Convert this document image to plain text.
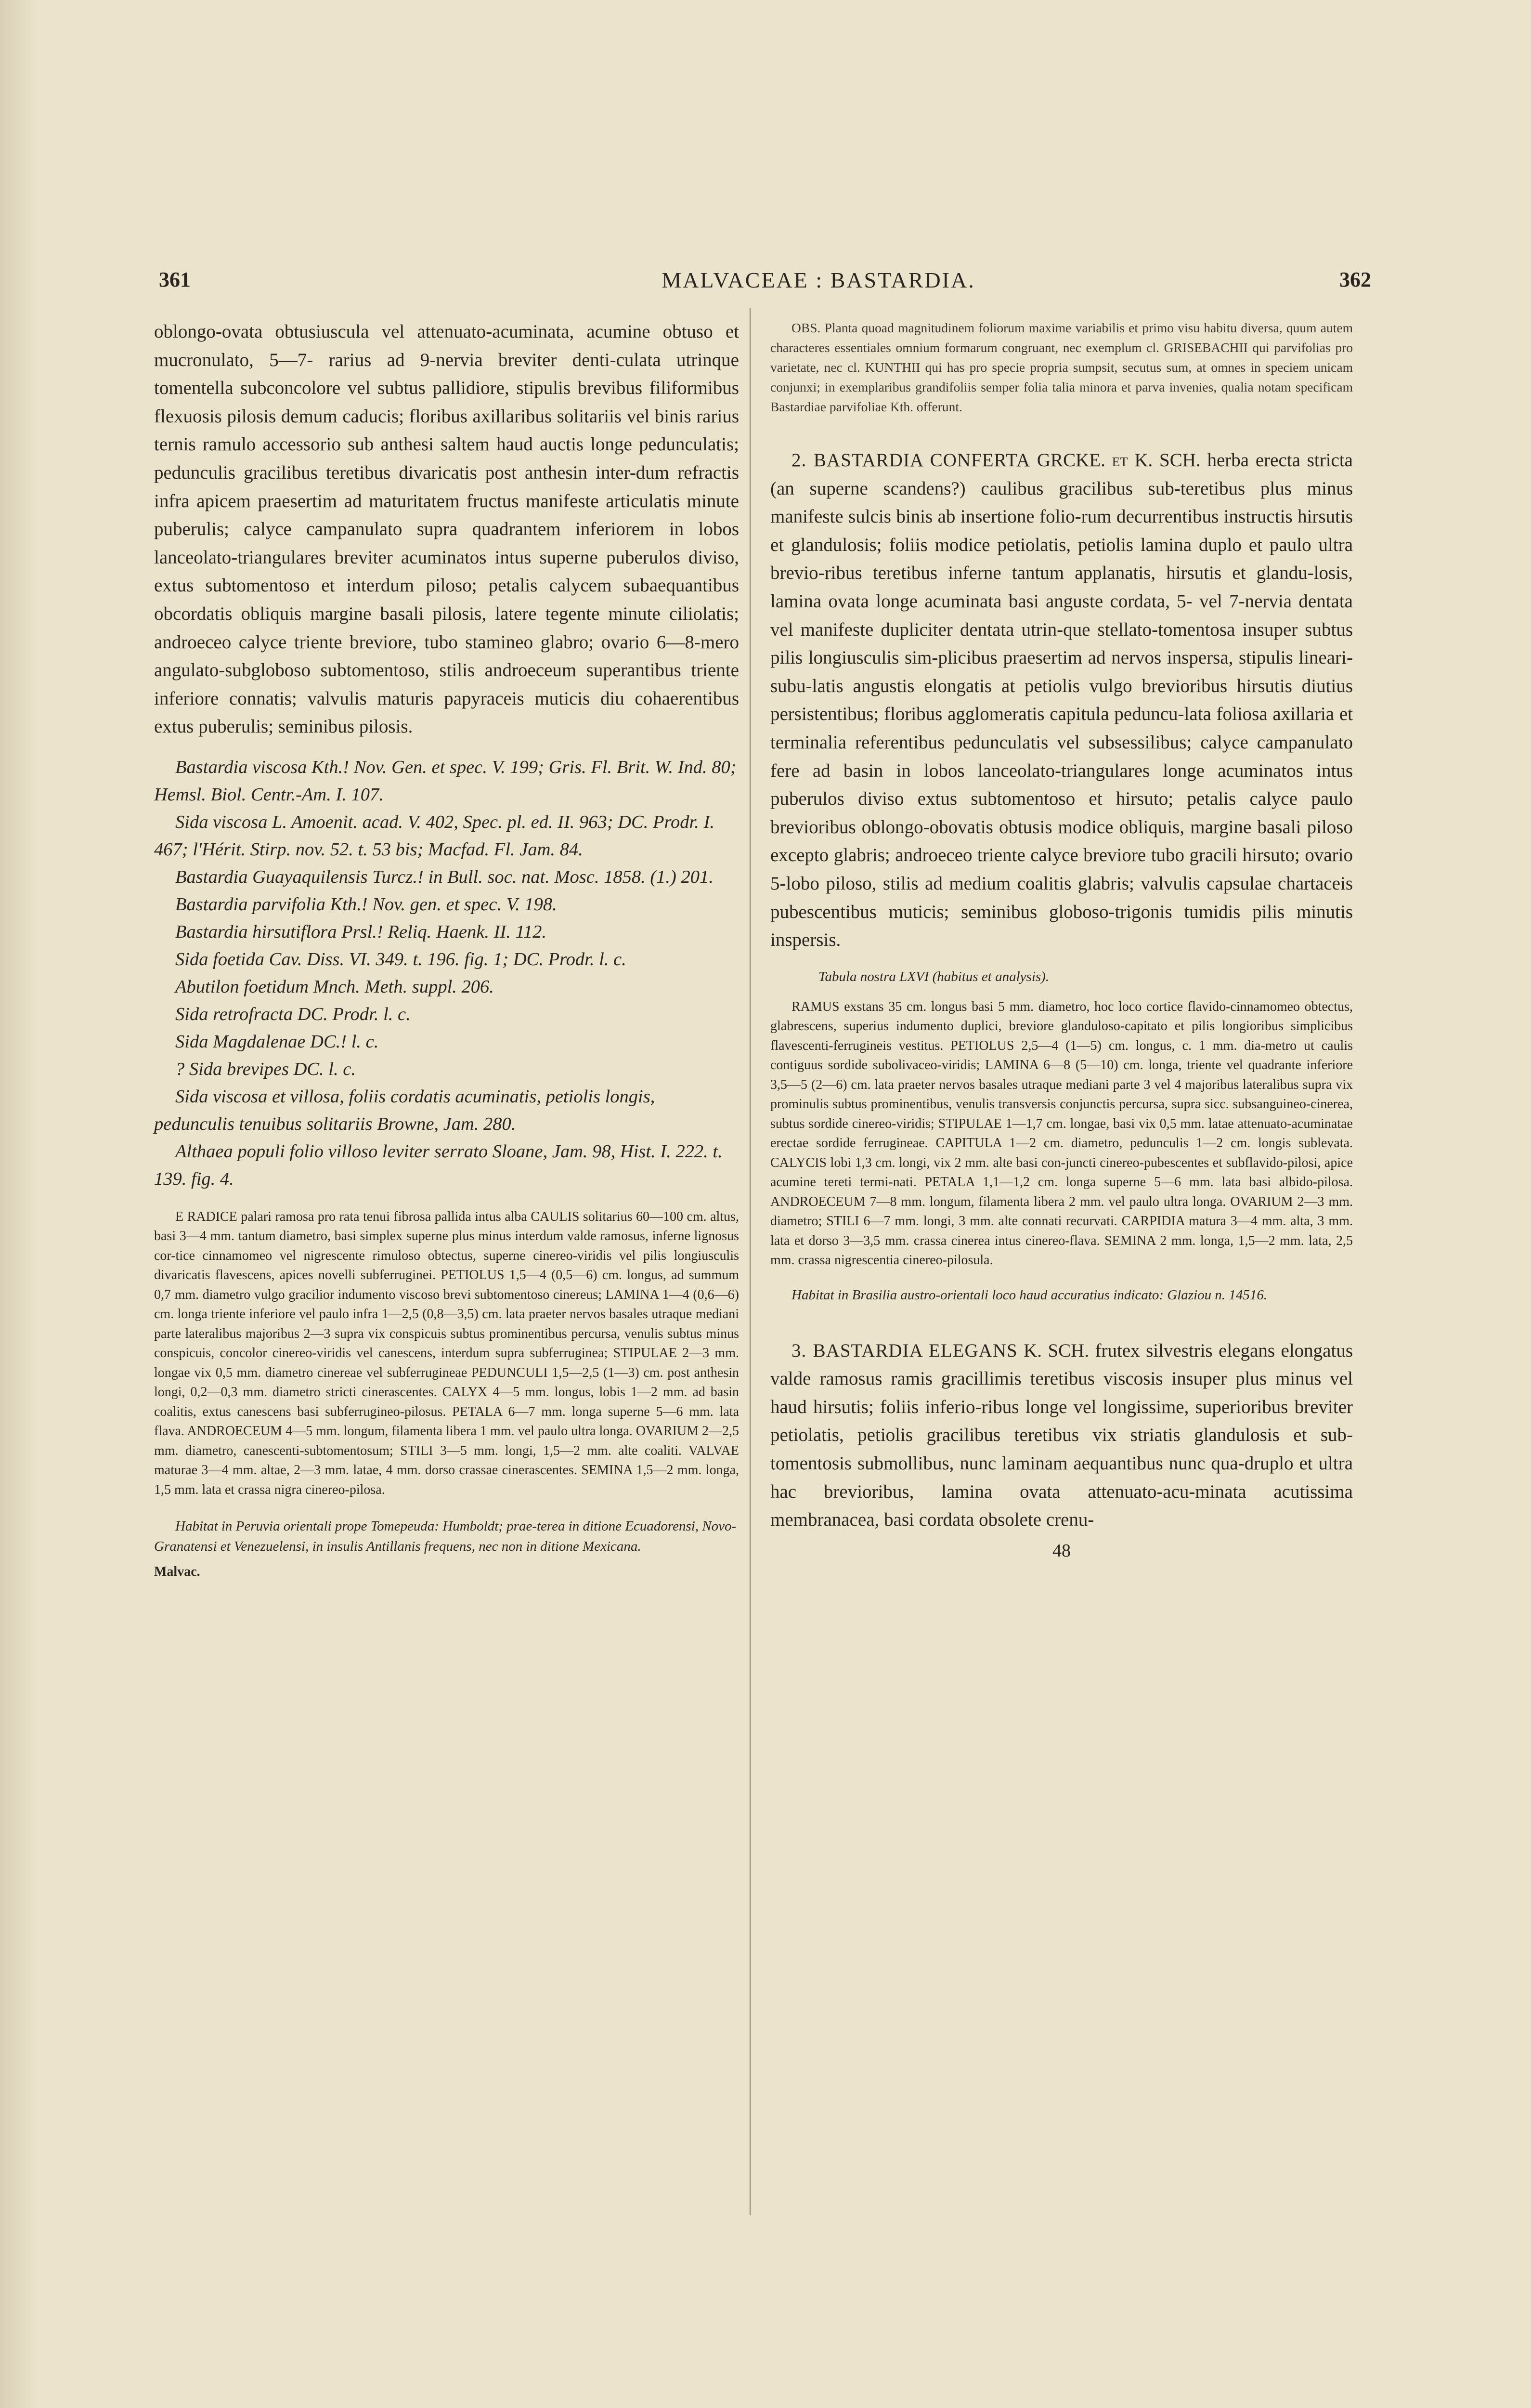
361	MALVACEAE : BASTARDIA.	362

oblongo-ovata obtusiuscula vel attenuato-acuminata, acumine obtuso et mucronulato, 5—7- rarius ad 9-nervia breviter denti-culata utrinque tomentella subconcolore vel subtus pallidiore, stipulis brevibus filiformibus flexuosis pilosis demum caducis; floribus axillaribus solitariis vel binis rarius ternis ramulo accessorio sub anthesi saltem haud auctis longe pedunculatis; pedunculis gracilibus teretibus divaricatis post anthesin inter-dum refractis infra apicem praesertim ad maturitatem fructus manifeste articulatis minute puberulis; calyce campanulato supra quadrantem inferiorem in lobos lanceolato-triangulares breviter acuminatos intus superne puberulos diviso, extus subtomentoso et interdum piloso; petalis calycem subaequantibus obcordatis obliquis margine basali pilosis, latere tegente minute ciliolatis; androeceo calyce triente breviore, tubo stamineo glabro; ovario 6—8-mero angulato-subgloboso subtomentoso, stilis androeceum superantibus triente inferiore connatis; valvulis maturis papyraceis muticis diu cohaerentibus extus puberulis; seminibus pilosis.

Bastardia viscosa Kth.! Nov. Gen. et spec. V. 199; Gris. Fl. Brit. W. Ind. 80; Hemsl. Biol. Centr.-Am. I. 107.

Sida viscosa L. Amoenit. acad. V. 402, Spec. pl. ed. II. 963; DC. Prodr. I. 467; l'Hérit. Stirp. nov. 52. t. 53 bis; Macfad. Fl. Jam. 84.

Bastardia Guayaquilensis Turcz.! in Bull. soc. nat. Mosc. 1858. (1.) 201.

Bastardia parvifolia Kth.! Nov. gen. et spec. V. 198.

Bastardia hirsutiflora Prsl.! Reliq. Haenk. II. 112.

Sida foetida Cav. Diss. VI. 349. t. 196. fig. 1; DC. Prodr. l. c.

Abutilon foetidum Mnch. Meth. suppl. 206.

Sida retrofracta DC. Prodr. l. c.

Sida Magdalenae DC.! l. c.

? Sida brevipes DC. l. c.

Sida viscosa et villosa, foliis cordatis acuminatis, petiolis longis, pedunculis tenuibus solitariis Browne, Jam. 280.

Althaea populi folio villoso leviter serrato Sloane, Jam. 98, Hist. I. 222. t. 139. fig. 4.

E RADICE palari ramosa pro rata tenui fibrosa pallida intus alba CAULIS solitarius 60—100 cm. altus, basi 3—4 mm. tantum diametro, basi simplex superne plus minus interdum valde ramosus, inferne lignosus cor-tice cinnamomeo vel nigrescente rimuloso obtectus, superne cinereo-viridis vel pilis longiusculis divaricatis flavescens, apices novelli subferruginei. PETIOLUS 1,5—4 (0,5—6) cm. longus, ad summum 0,7 mm. diametro vulgo gracilior indumento viscoso brevi subtomentoso cinereus; LAMINA 1—4 (0,6—6) cm. longa triente inferiore vel paulo infra 1—2,5 (0,8—3,5) cm. lata praeter nervos basales utraque mediani parte lateralibus majoribus 2—3 supra vix conspicuis subtus prominentibus percursa, venulis subtus minus conspicuis, concolor cinereo-viridis vel canescens, interdum supra subferruginea; STIPULAE 2—3 mm. longae vix 0,5 mm. diametro cinereae vel subferrugineae PEDUNCULI 1,5—2,5 (1—3) cm. post anthesin longi, 0,2—0,3 mm. diametro stricti cinerascentes. CALYX 4—5 mm. longus, lobis 1—2 mm. ad basin coalitis, extus canescens basi subferrugineo-pilosus. PETALA 6—7 mm. longa superne 5—6 mm. lata flava. ANDROECEUM 4—5 mm. longum, filamenta libera 1 mm. vel paulo ultra longa. OVARIUM 2—2,5 mm. diametro, canescenti-subtomentosum; STILI 3—5 mm. longi, 1,5—2 mm. alte coaliti. VALVAE maturae 3—4 mm. altae, 2—3 mm. latae, 4 mm. dorso crassae cinerascentes. SEMINA 1,5—2 mm. longa, 1,5 mm. lata et crassa nigra cinereo-pilosa.

Habitat in Peruvia orientali prope Tomepeuda: Humboldt; prae-terea in ditione Ecuadorensi, Novo-Granatensi et Venezuelensi, in insulis Antillanis frequens, nec non in ditione Mexicana.

Malvac.

OBS. Planta quoad magnitudinem foliorum maxime variabilis et primo visu habitu diversa, quum autem characteres essentiales omnium formarum congruant, nec exemplum cl. GRISEBACHII qui parvifolias pro varietate, nec cl. KUNTHII qui has pro specie propria sumpsit, secutus sum, at omnes in speciem unicam conjunxi; in exemplaribus grandifoliis semper folia talia minora et parva invenies, qualia notam specificam Bastardiae parvifoliae Kth. offerunt.

2. BASTARDIA CONFERTA GRCKE. et K. SCH. herba erecta stricta (an superne scandens?) caulibus gracilibus sub-teretibus plus minus manifeste sulcis binis ab insertione folio-rum decurrentibus instructis hirsutis et glandulosis; foliis modice petiolatis, petiolis lamina duplo et paulo ultra brevio-ribus teretibus inferne tantum applanatis, hirsutis et glandu-losis, lamina ovata longe acuminata basi anguste cordata, 5- vel 7-nervia dentata vel manifeste dupliciter dentata utrin-que stellato-tomentosa insuper subtus pilis longiusculis sim-plicibus praesertim ad nervos inspersa, stipulis lineari-subu-latis angustis elongatis at petiolis vulgo brevioribus hirsutis diutius persistentibus; floribus agglomeratis capitula peduncu-lata foliosa axillaria et terminalia referentibus pedunculatis vel subsessilibus; calyce campanulato fere ad basin in lobos lanceolato-triangulares longe acuminatos intus puberulos diviso extus subtomentoso et hirsuto; petalis calyce paulo brevioribus oblongo-obovatis obtusis modice obliquis, margine basali piloso excepto glabris; androeceo triente calyce breviore tubo gracili hirsuto; ovario 5-lobo piloso, stilis ad medium coalitis glabris; valvulis capsulae chartaceis pubescentibus muticis; seminibus globoso-trigonis tumidis pilis minutis inspersis.

Tabula nostra LXVI (habitus et analysis).

RAMUS exstans 35 cm. longus basi 5 mm. diametro, hoc loco cortice flavido-cinnamomeo obtectus, glabrescens, superius indumento duplici, breviore glanduloso-capitato et pilis longioribus simplicibus flavescenti-ferrugineis vestitus. PETIOLUS 2,5—4 (1—5) cm. longus, c. 1 mm. dia-metro ut caulis contiguus sordide subolivaceo-viridis; LAMINA 6—8 (5—10) cm. longa, triente vel quadrante inferiore 3,5—5 (2—6) cm. lata praeter nervos basales utraque mediani parte 3 vel 4 majoribus lateralibus supra vix prominulis subtus prominentibus, venulis transversis conjunctis percursa, supra sicc. subsanguineo-cinerea, subtus sordide cinereo-viridis; STIPULAE 1—1,7 cm. longae, basi vix 0,5 mm. latae attenuato-acuminatae erectae sordide ferrugineae. CAPITULA 1—2 cm. diametro, pedunculis 1—2 cm. longis sublevata. CALYCIS lobi 1,3 cm. longi, vix 2 mm. alte basi con-juncti cinereo-pubescentes et subflavido-pilosi, apice acumine tereti termi-nati. PETALA 1,1—1,2 cm. longa superne 5—6 mm. lata basi albido-pilosa. ANDROECEUM 7—8 mm. longum, filamenta libera 2 mm. vel paulo ultra longa. OVARIUM 2—3 mm. diametro; STILI 6—7 mm. longi, 3 mm. alte connati recurvati. CARPIDIA matura 3—4 mm. alta, 3 mm. lata et dorso 3—3,5 mm. crassa cinerea intus cinereo-flava. SEMINA 2 mm. longa, 1,5—2 mm. lata, 2,5 mm. crassa nigrescentia cinereo-pilosula.

Habitat in Brasilia austro-orientali loco haud accuratius indicato: Glaziou n. 14516.

3. BASTARDIA ELEGANS K. SCH. frutex silvestris elegans elongatus valde ramosus ramis gracillimis teretibus viscosis insuper plus minus vel haud hirsutis; foliis inferio-ribus longe vel longissime, superioribus breviter petiolatis, petiolis gracilibus teretibus vix striatis glandulosis et sub-tomentosis submollibus, nunc laminam aequantibus nunc qua-druplo et ultra hac brevioribus, lamina ovata attenuato-acu-minata acutissima membranacea, basi cordata obsolete crenu-

48
